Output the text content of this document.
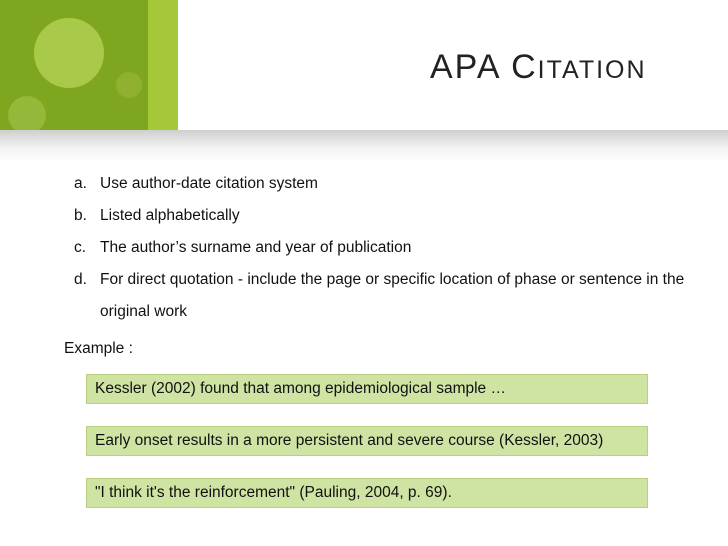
APA CITATION
a. Use author-date citation system
b. Listed alphabetically
c. The author’s surname and year of publication
d. For direct quotation - include the page or specific location of phase or sentence in the original work
Example :
Kessler (2002) found that among epidemiological sample …
Early onset results in a more persistent and severe course (Kessler, 2003)
"I think it's the reinforcement" (Pauling, 2004, p. 69).
